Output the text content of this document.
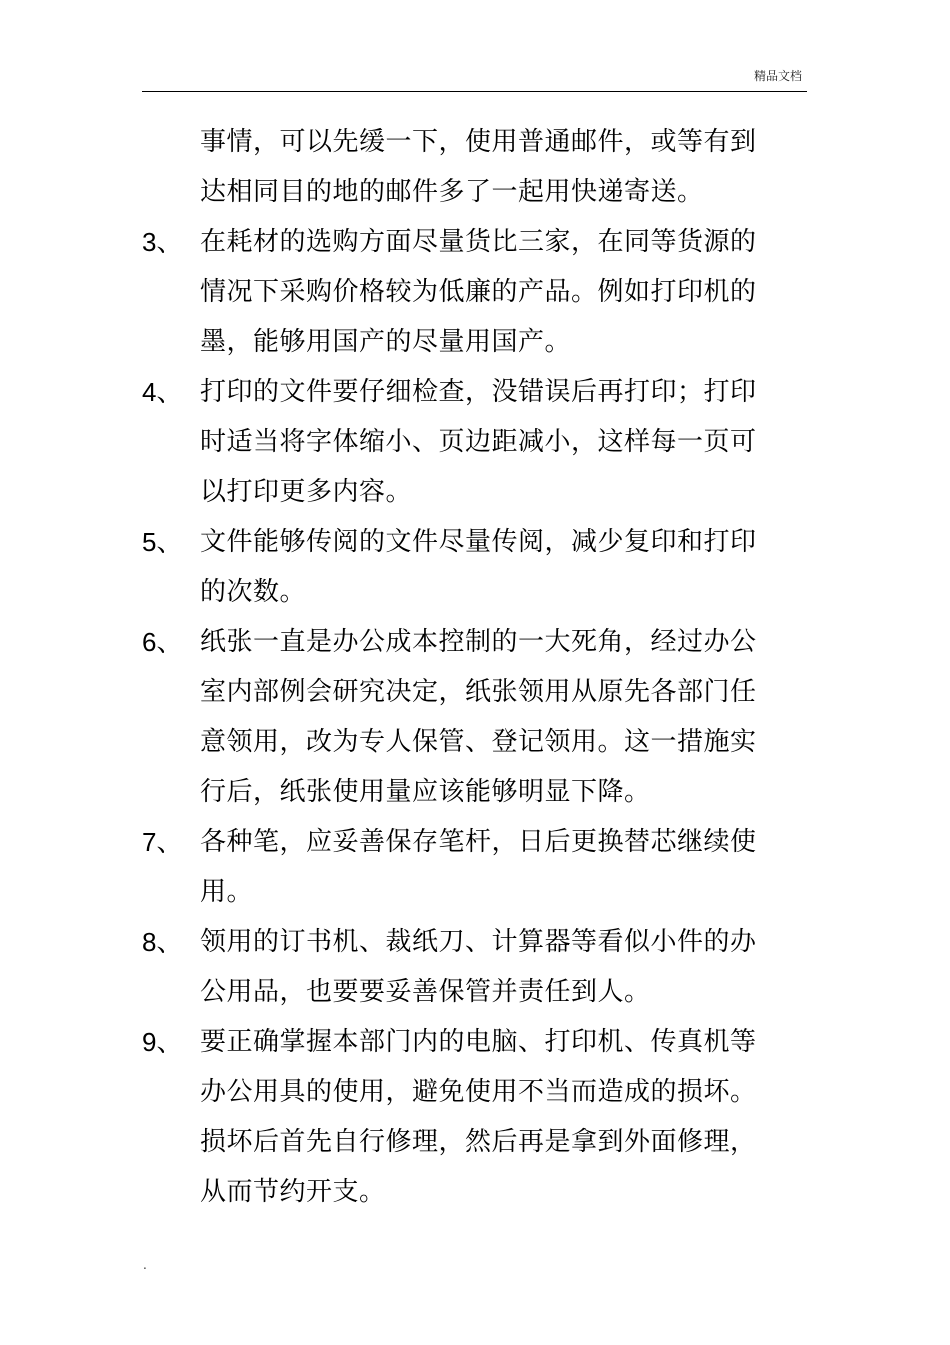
精品文档
事情，可以先缓一下，使用普通邮件，或等有到达相同目的地的邮件多了一起用快递寄送。
3、 在耗材的选购方面尽量货比三家，在同等货源的情况下采购价格较为低廉的产品。例如打印机的墨，能够用国产的尽量用国产。
4、 打印的文件要仔细检查，没错误后再打印；打印时适当将字体缩小、页边距减小，这样每一页可以打印更多内容。
5、 文件能够传阅的文件尽量传阅，减少复印和打印的次数。
6、 纸张一直是办公成本控制的一大死角，经过办公室内部例会研究决定，纸张领用从原先各部门任意领用，改为专人保管、登记领用。这一措施实行后，纸张使用量应该能够明显下降。
7、 各种笔，应妥善保存笔杆，日后更换替芯继续使用。
8、 领用的订书机、裁纸刀、计算器等看似小件的办公用品，也要要妥善保管并责任到人。
9、 要正确掌握本部门内的电脑、打印机、传真机等办公用具的使用，避免使用不当而造成的损坏。损坏后首先自行修理，然后再是拿到外面修理，从而节约开支。
.
